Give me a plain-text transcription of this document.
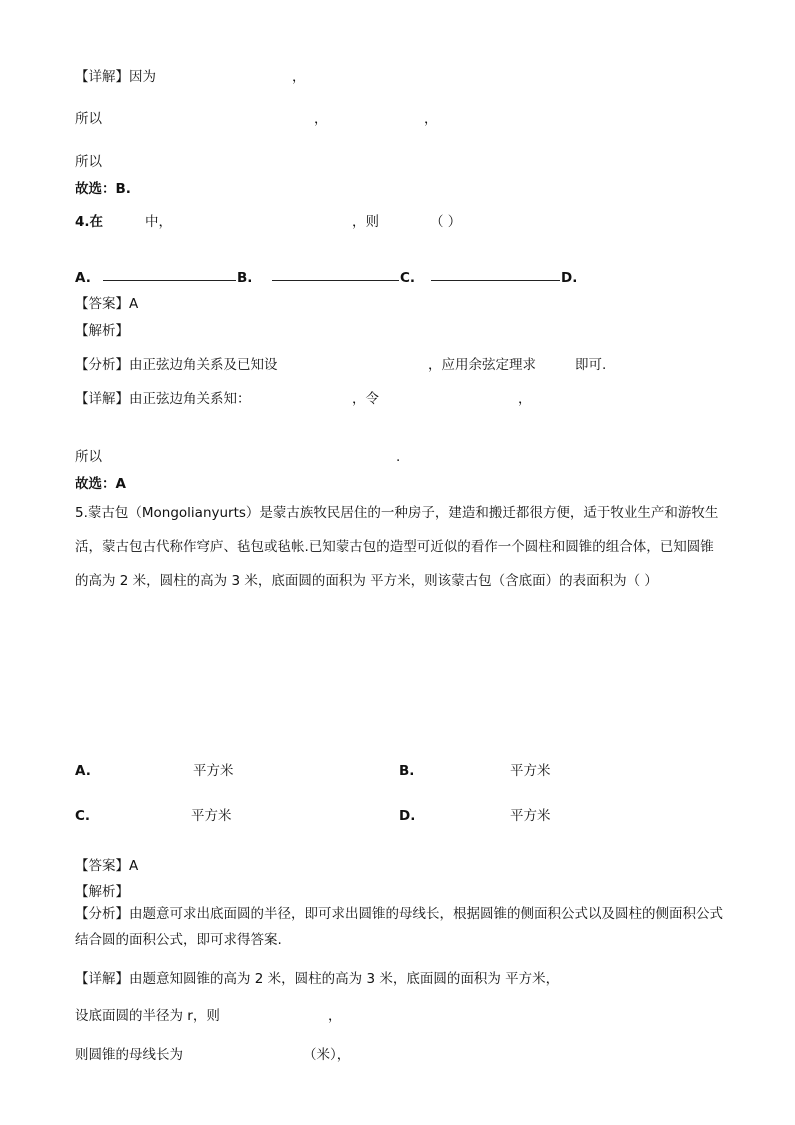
【详解】因为	，

所以	，	，

所以

故选：B.

4.在	中，	，则	（ ）

A.	B.	C.	D.

【答案】A

【解析】

【分析】由正弦边角关系及已知设	，应用余弦定理求	即可.

【详解】由正弦边角关系知：	，令	，

所以	.

故选：A

5.蒙古包（Mongolianyurts）是蒙古族牧民居住的一种房子，建造和搬迁都很方便，适于牧业生产和游牧生活，蒙古包古代称作穹庐、毡包或毡帐.已知蒙古包的造型可近似的看作一个圆柱和圆锥的组合体，已知圆锥的高为 2 米，圆柱的高为 3 米，底面圆的面积为 平方米，则该蒙古包（含底面）的表面积为（ ）

A.	平方米	B.	平方米

C.	平方米	D.	平方米

【答案】A

【解析】

【分析】由题意可求出底面圆的半径，即可求出圆锥的母线长，根据圆锥的侧面积公式以及圆柱的侧面积公式结合圆的面积公式，即可求得答案.

【详解】由题意知圆锥的高为 2 米，圆柱的高为 3 米，底面圆的面积为 平方米，

设底面圆的半径为 r，则	，

则圆锥的母线长为	（米），
